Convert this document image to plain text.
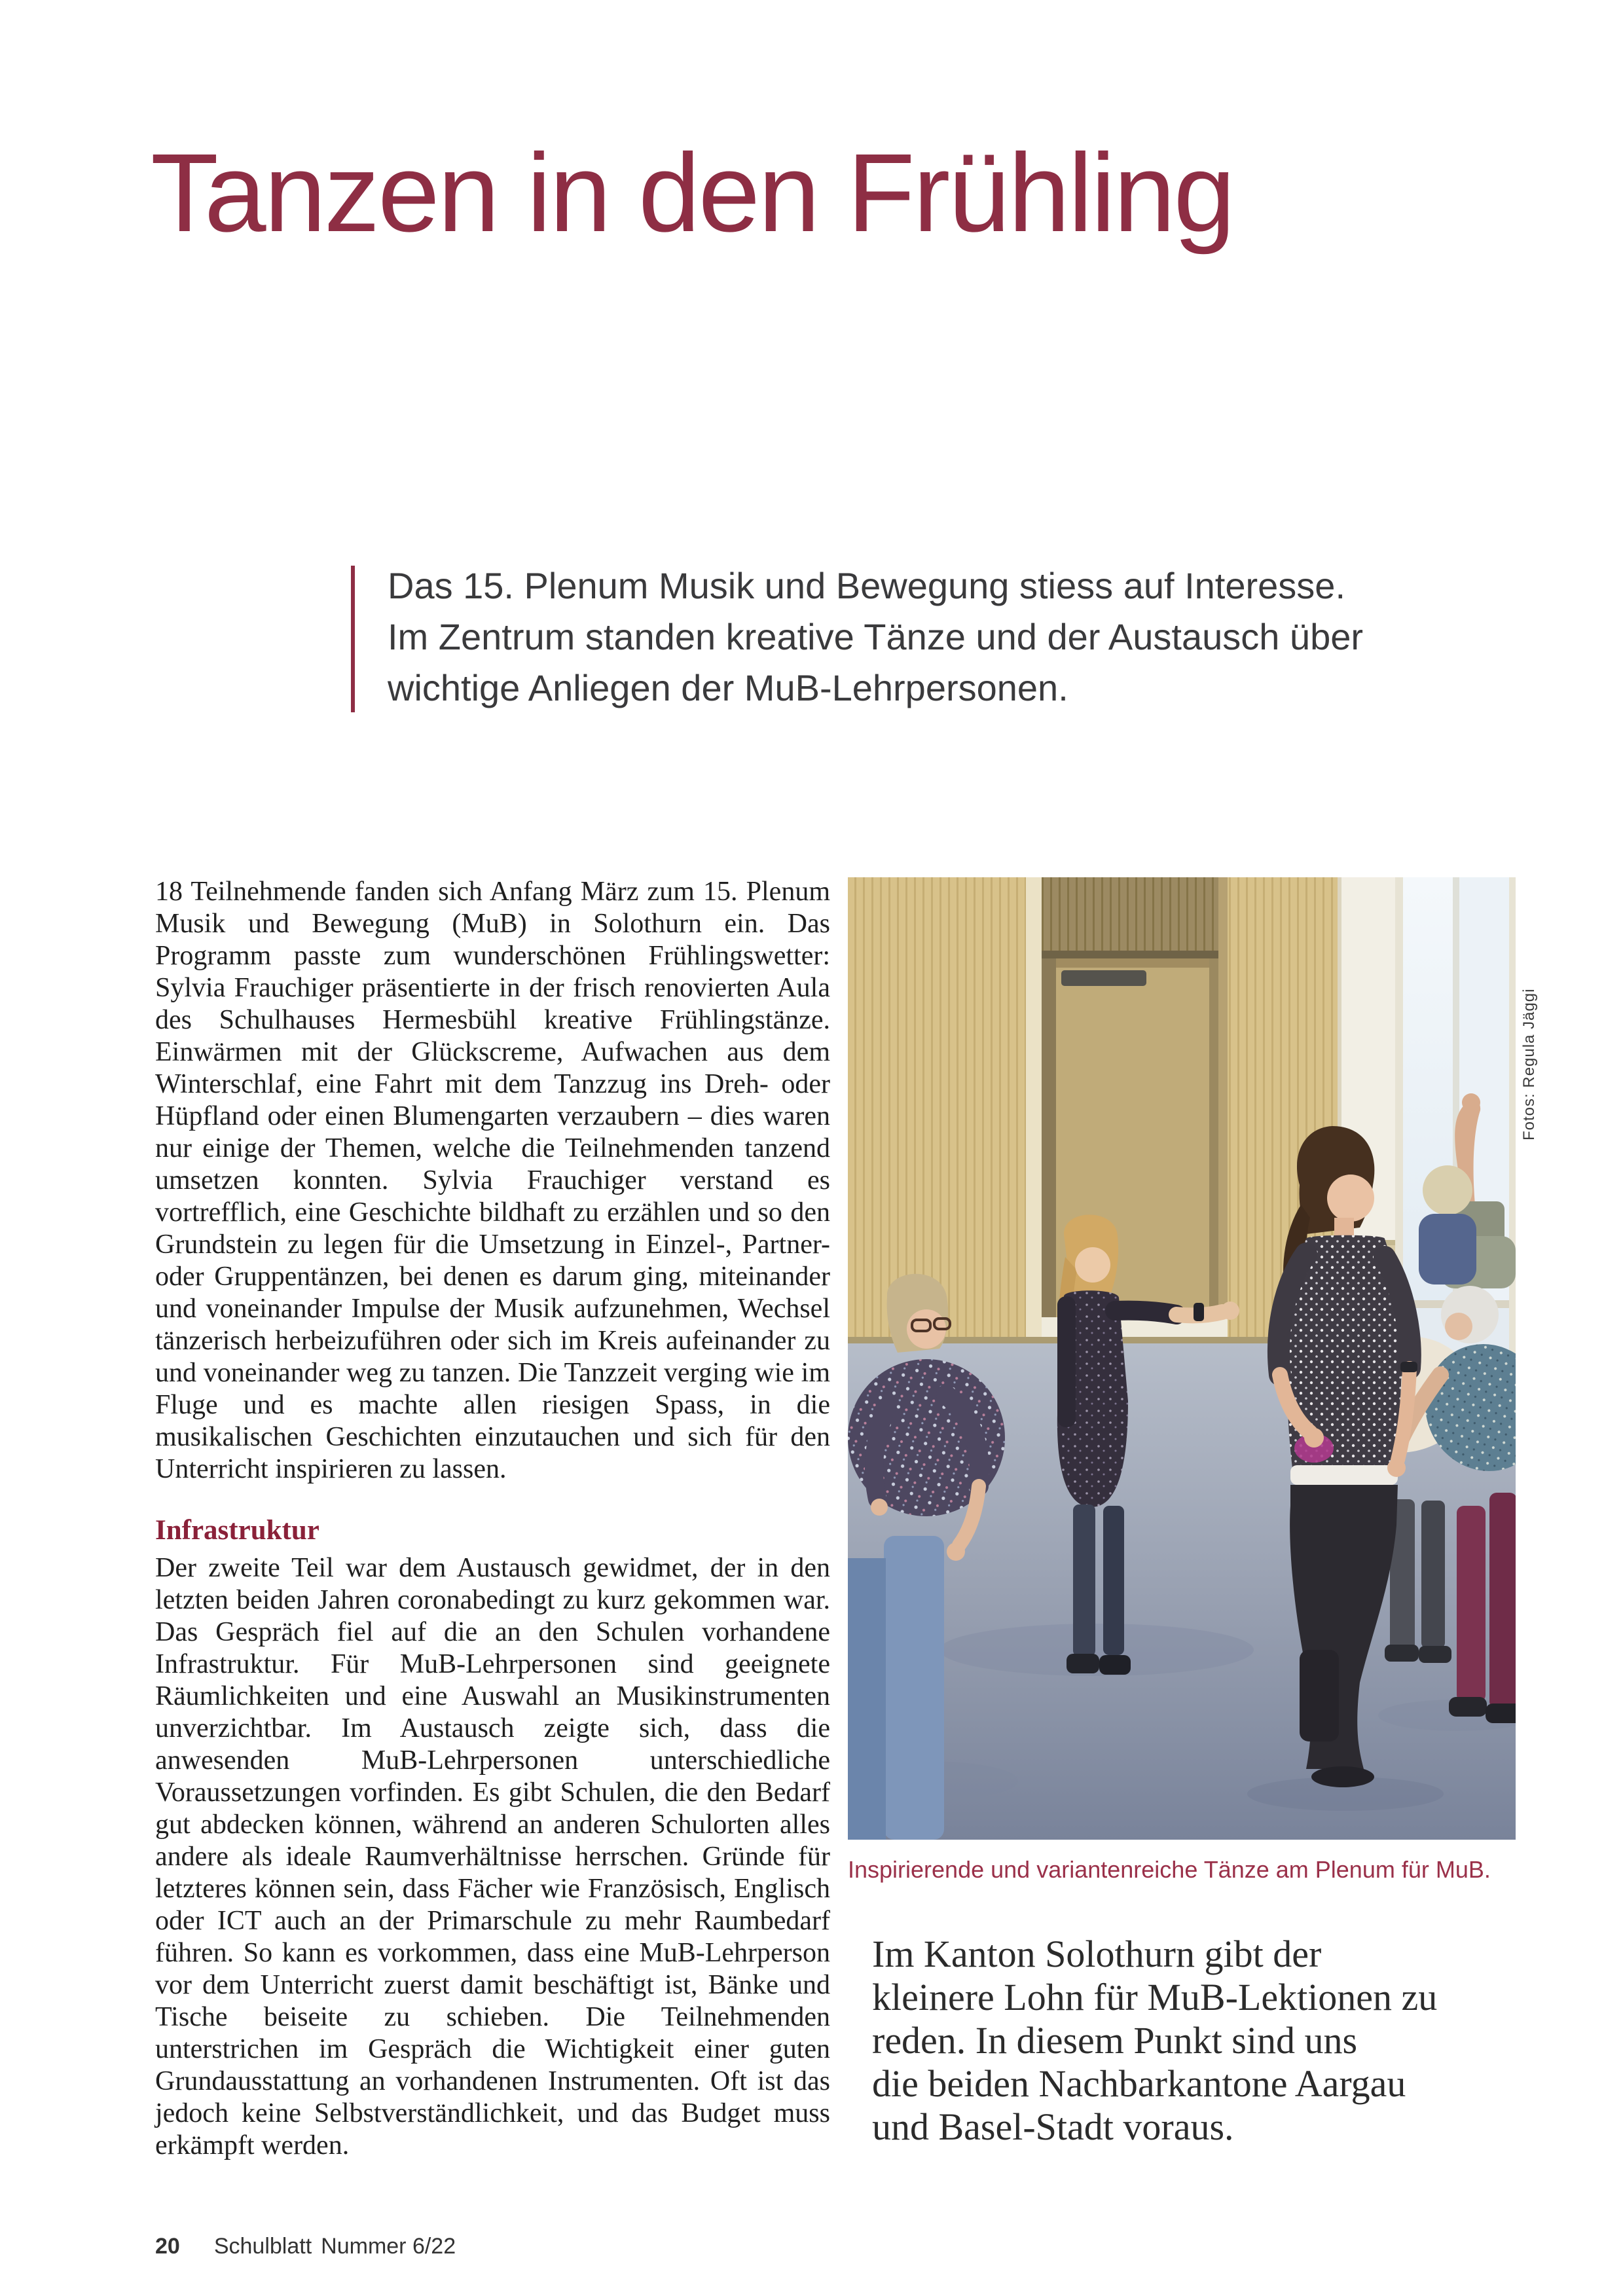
Tanzen in den Frühling
Das 15. Plenum Musik und Bewegung stiess auf Interesse.
Im Zentrum standen kreative Tänze und der Austausch über
wichtige Anliegen der MuB-Lehrpersonen.

18 Teilnehmende fanden sich Anfang März zum 15. Plenum Musik und Bewegung (MuB) in Solothurn ein. Das Programm passte zum wunderschönen Frühlingswetter: Sylvia Frauchiger präsentierte in der frisch renovierten Aula des Schulhauses Hermesbühl kreative Frühlingstänze. Einwärmen mit der Glückscreme, Aufwachen aus dem Winterschlaf, eine Fahrt mit dem Tanzzug ins Dreh- oder Hüpfland oder einen Blumengarten verzaubern – dies waren nur einige der Themen, welche die Teilnehmenden tanzend umsetzen konnten. Sylvia Frauchiger verstand es vortrefflich, eine Geschichte bildhaft zu erzählen und so den Grundstein zu legen für die Umsetzung in Einzel-, Partner- oder Gruppentänzen, bei denen es darum ging, miteinander und voneinander Impulse der Musik aufzunehmen, Wechsel tänzerisch herbeizuführen oder sich im Kreis aufeinander zu und voneinander weg zu tanzen. Die Tanzzeit verging wie im Fluge und es machte allen riesigen Spass, in die musikalischen Geschichten einzutauchen und sich für den Unterricht inspirieren zu lassen.

Infrastruktur

Der zweite Teil war dem Austausch gewidmet, der in den letzten beiden Jahren coronabedingt zu kurz gekommen war. Das Gespräch fiel auf die an den Schulen vorhandene Infrastruktur. Für MuB-Lehrpersonen sind geeignete Räumlichkeiten und eine Auswahl an Musikinstrumenten unverzichtbar. Im Austausch zeigte sich, dass die anwesenden MuB-Lehrpersonen unterschiedliche Voraussetzungen vorfinden. Es gibt Schulen, die den Bedarf gut abdecken können, während an anderen Schulorten alles andere als ideale Raumverhältnisse herrschen. Gründe für letzteres können sein, dass Fächer wie Französisch, Englisch oder ICT auch an der Primarschule zu mehr Raumbedarf führen. So kann es vorkommen, dass eine MuB-Lehrperson vor dem Unterricht zuerst damit beschäftigt ist, Bänke und Tische beiseite zu schieben. Die Teilnehmenden unterstrichen im Gespräch die Wichtigkeit einer guten Grundausstattung an vorhandenen Instrumenten. Oft ist das jedoch keine Selbstverständlichkeit, und das Budget muss erkämpft werden.

Inspirierende und variantenreiche Tänze am Plenum für MuB.
Fotos: Regula Jäggi
Im Kanton Solothurn gibt der
kleinere Lohn für MuB-Lektionen zu
reden. In diesem Punkt sind uns
die beiden Nachbarkantone Aargau
und Basel-Stadt voraus.
20 Schulblatt Nummer 6/22
